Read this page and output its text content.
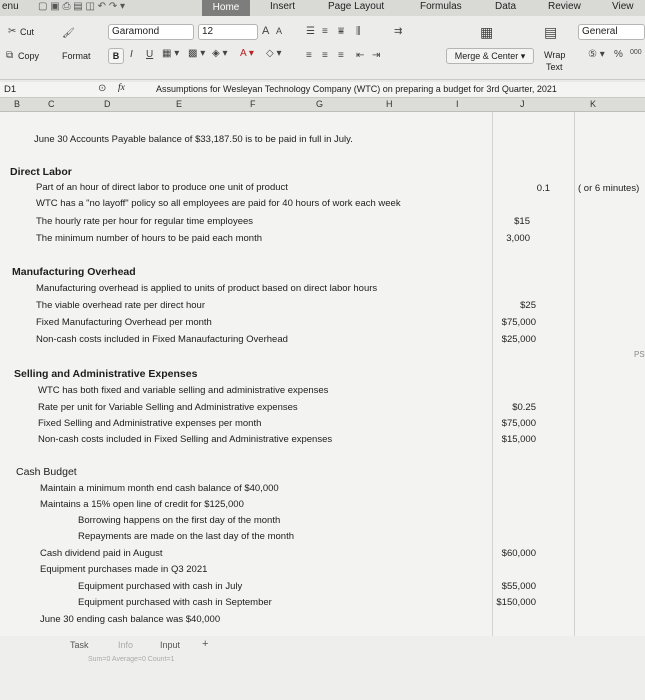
enu ▢ ▣ ⎙ ▤ ◫ ↶ ↷ ▾	Home	Insert	Page Layout	Formulas	Data	Review	View
✂ Cut
⧉ Copy
🖌
Format
Garamond	12	A A
B	I U ▦ ▾ ▩ ▾ ◈ ▾ A ▾ ◇ ▾
☰ ≡ ⩸ ⫼
≡ ≡ ≡ ⇤ ⇥
⇉	▦
Merge & Center ▾
▤
Wrap
Text
General
⑤ ▾ % 000
D1	⊙ fx	Assumptions for Wesleyan Technology Company (WTC) on preparing a budget for 3rd Quarter, 2021
B	C	D	E	F	G	H	I	J	K
June 30 Accounts Payable balance of $33,187.50 is to be paid in full in July.
Direct Labor
Part of an hour of direct labor to produce one unit of product
WTC has a "no layoff" policy so all employees are paid for 40 hours of work each week
The hourly rate per hour for regular time employees
The minimum number of hours to be paid each month
0.1	( or 6 minutes)
$15
3,000
Manufacturing Overhead
Manufacturing overhead is applied to units of product based on direct labor hours
The viable overhead rate per direct hour
Fixed Manufacturing Overhead per month
Non-cash costs included in Fixed Manaufacturing Overhead
$25
$75,000
$25,000
Selling and Administrative Expenses
WTC has both fixed and variable selling and administrative expenses
Rate per unit for Variable Selling and Administrative expenses
Fixed Selling and Administrative expenses per month
Non-cash costs included in Fixed Selling and Administrative expenses
$0.25
$75,000
$15,000
Cash Budget
Maintain a minimum month end cash balance of $40,000
Maintains a 15% open line of credit for $125,000
Borrowing happens on the first day of the month
Repayments are made on the last day of the month
Cash dividend paid in August
Equipment purchases made in Q3 2021
Equipment purchased with cash in July
Equipment purchased with cash in September
June 30 ending cash balance was $40,000
$60,000
$55,000
$150,000
PS
Task	Info	Input +
Sum=0 Average=0 Count=1
